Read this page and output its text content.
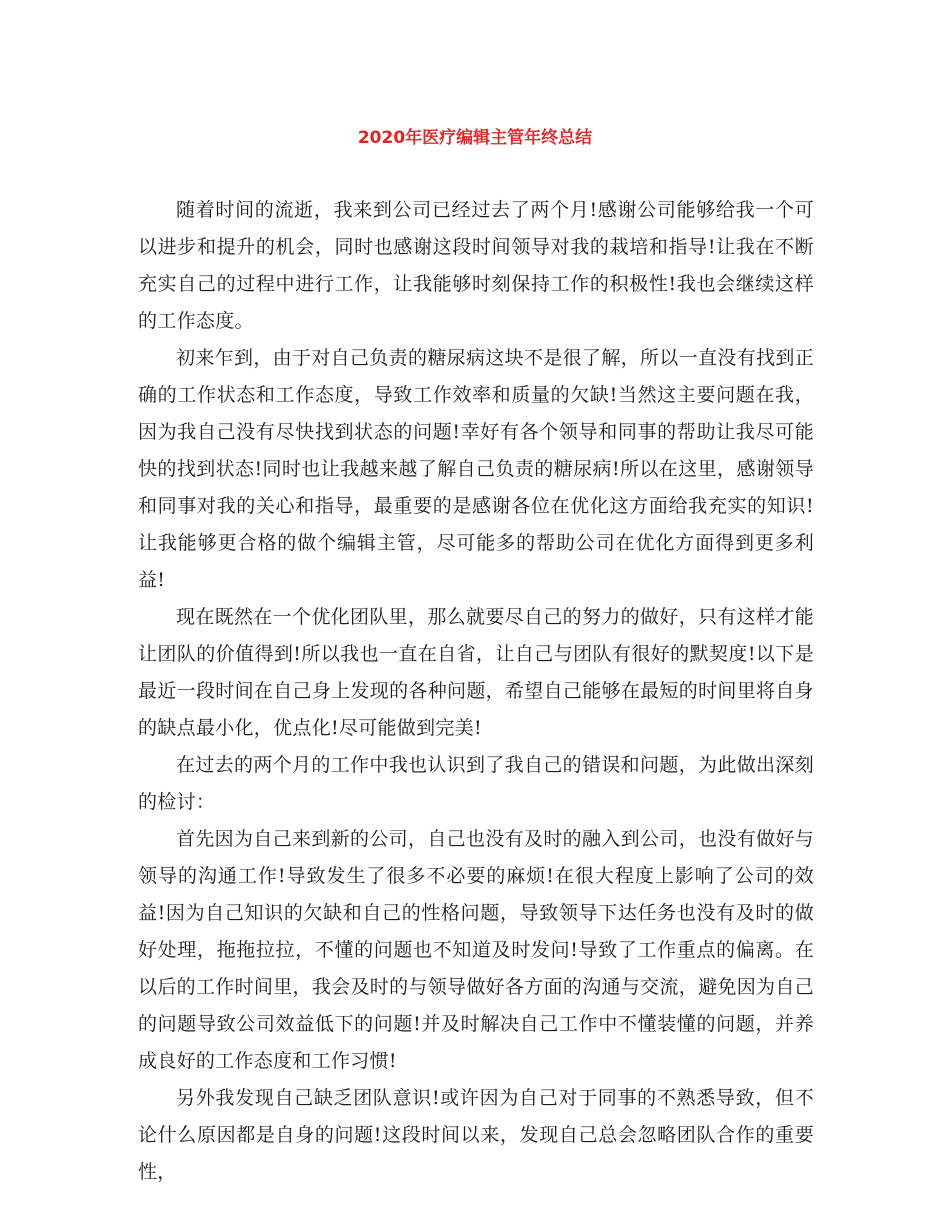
2020年医疗编辑主管年终总结

随着时间的流逝，我来到公司已经过去了两个月!感谢公司能够给我一个可以进步和提升的机会，同时也感谢这段时间领导对我的栽培和指导!让我在不断充实自己的过程中进行工作，让我能够时刻保持工作的积极性!我也会继续这样的工作态度。

初来乍到，由于对自己负责的糖尿病这块不是很了解，所以一直没有找到正确的工作状态和工作态度，导致工作效率和质量的欠缺!当然这主要问题在我，因为我自己没有尽快找到状态的问题!幸好有各个领导和同事的帮助让我尽可能快的找到状态!同时也让我越来越了解自己负责的糖尿病!所以在这里，感谢领导和同事对我的关心和指导，最重要的是感谢各位在优化这方面给我充实的知识!让我能够更合格的做个编辑主管，尽可能多的帮助公司在优化方面得到更多利益!

现在既然在一个优化团队里，那么就要尽自己的努力的做好，只有这样才能让团队的价值得到!所以我也一直在自省，让自己与团队有很好的默契度!以下是最近一段时间在自己身上发现的各种问题，希望自己能够在最短的时间里将自身的缺点最小化，优点化!尽可能做到完美!

在过去的两个月的工作中我也认识到了我自己的错误和问题，为此做出深刻的检讨：

首先因为自己来到新的公司，自己也没有及时的融入到公司，也没有做好与领导的沟通工作!导致发生了很多不必要的麻烦!在很大程度上影响了公司的效益!因为自己知识的欠缺和自己的性格问题，导致领导下达任务也没有及时的做好处理，拖拖拉拉，不懂的问题也不知道及时发问!导致了工作重点的偏离。在以后的工作时间里，我会及时的与领导做好各方面的沟通与交流，避免因为自己的问题导致公司效益低下的问题!并及时解决自己工作中不懂装懂的问题，并养成良好的工作态度和工作习惯!

另外我发现自己缺乏团队意识!或许因为自己对于同事的不熟悉导致，但不论什么原因都是自身的问题!这段时间以来，发现自己总会忽略团队合作的重要性，
